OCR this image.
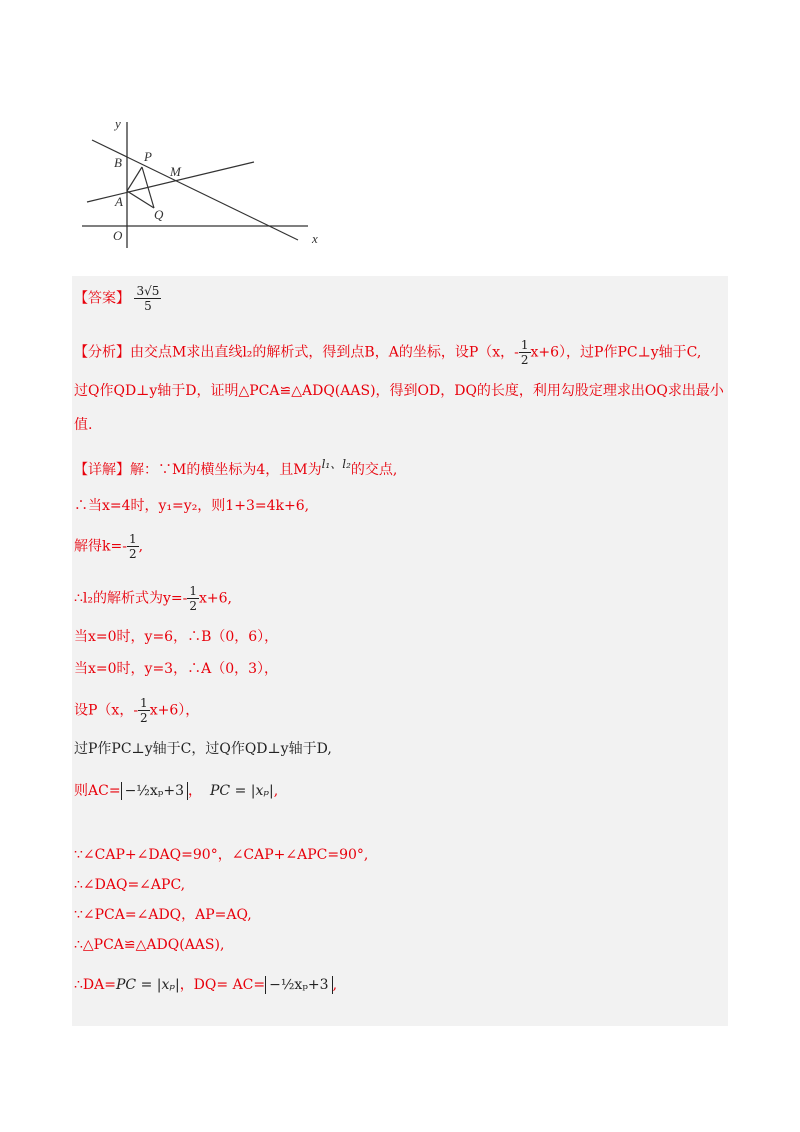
y
x
O
A
B P
M
Q
【答案】 $\frac{3√5}{5}$
【分析】由交点M求出直线l₂的解析式，得到点B，A的坐标，设P（x，- $\frac{1}{2} x+6$），过P作PC⊥y轴于C,
过Q作QD⊥y轴于D，证明△PCA≌△ADQ(AAS)，得到OD，DQ的长度，利用勾股定理求出OQ求出最小
值.
【详解】解：∵M的横坐标为4，且M为l₁、l₂的交点,
∴当x=4时，y₁=y₂，则1+3=4k+6,
解得$k=- \frac{1}{2}$ ,
∴l₂的解析式为$y=- \frac{1}{2} x+6$,
当x=0时，y=6，∴B（0，6），
当x=0时，y=3，∴A（0，3），
设P（x，- $\frac{1}{2} x+6$），
过P作PC⊥y轴于C，过Q作QD⊥y轴于D,
则AC= −½xₚ+3 ， PC = |xₚ|,
∵∠CAP+∠DAQ=90°，∠CAP+∠APC=90°,
∴∠DAQ=∠APC,
∵∠PCA=∠ADQ，AP=AQ,
∴△PCA≌△ADQ(AAS),
∴DA=PC = |xₚ|，DQ= AC= −½xₚ+3 ,
